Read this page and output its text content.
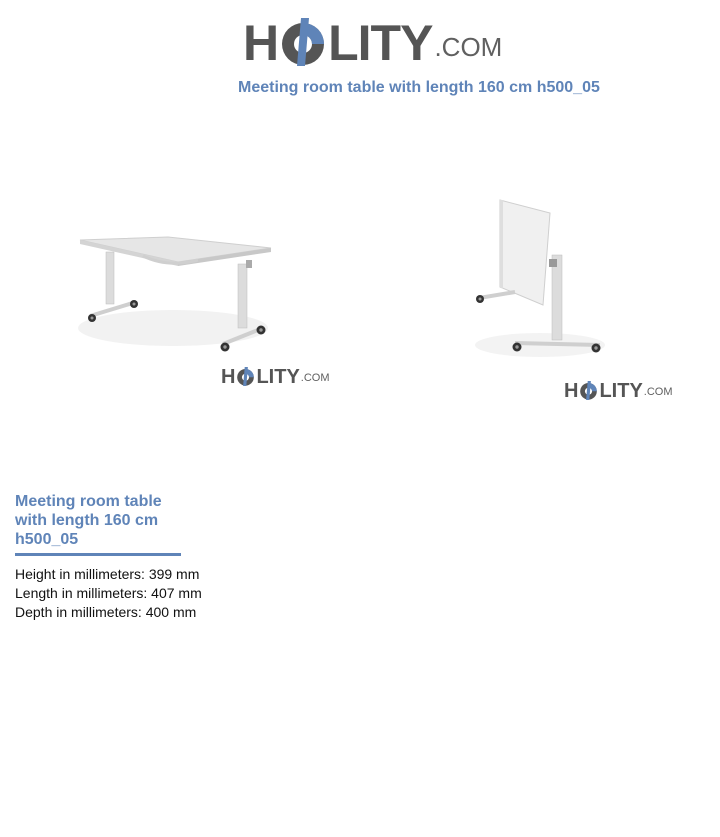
H LITY .COM
Meeting room table with length 160 cm h500_05
H LITY .COM
H LITY .COM
Meeting room table with length 160 cm h500_05
Height in millimeters: 399 mm
Length in millimeters: 407 mm
Depth in millimeters: 400 mm
